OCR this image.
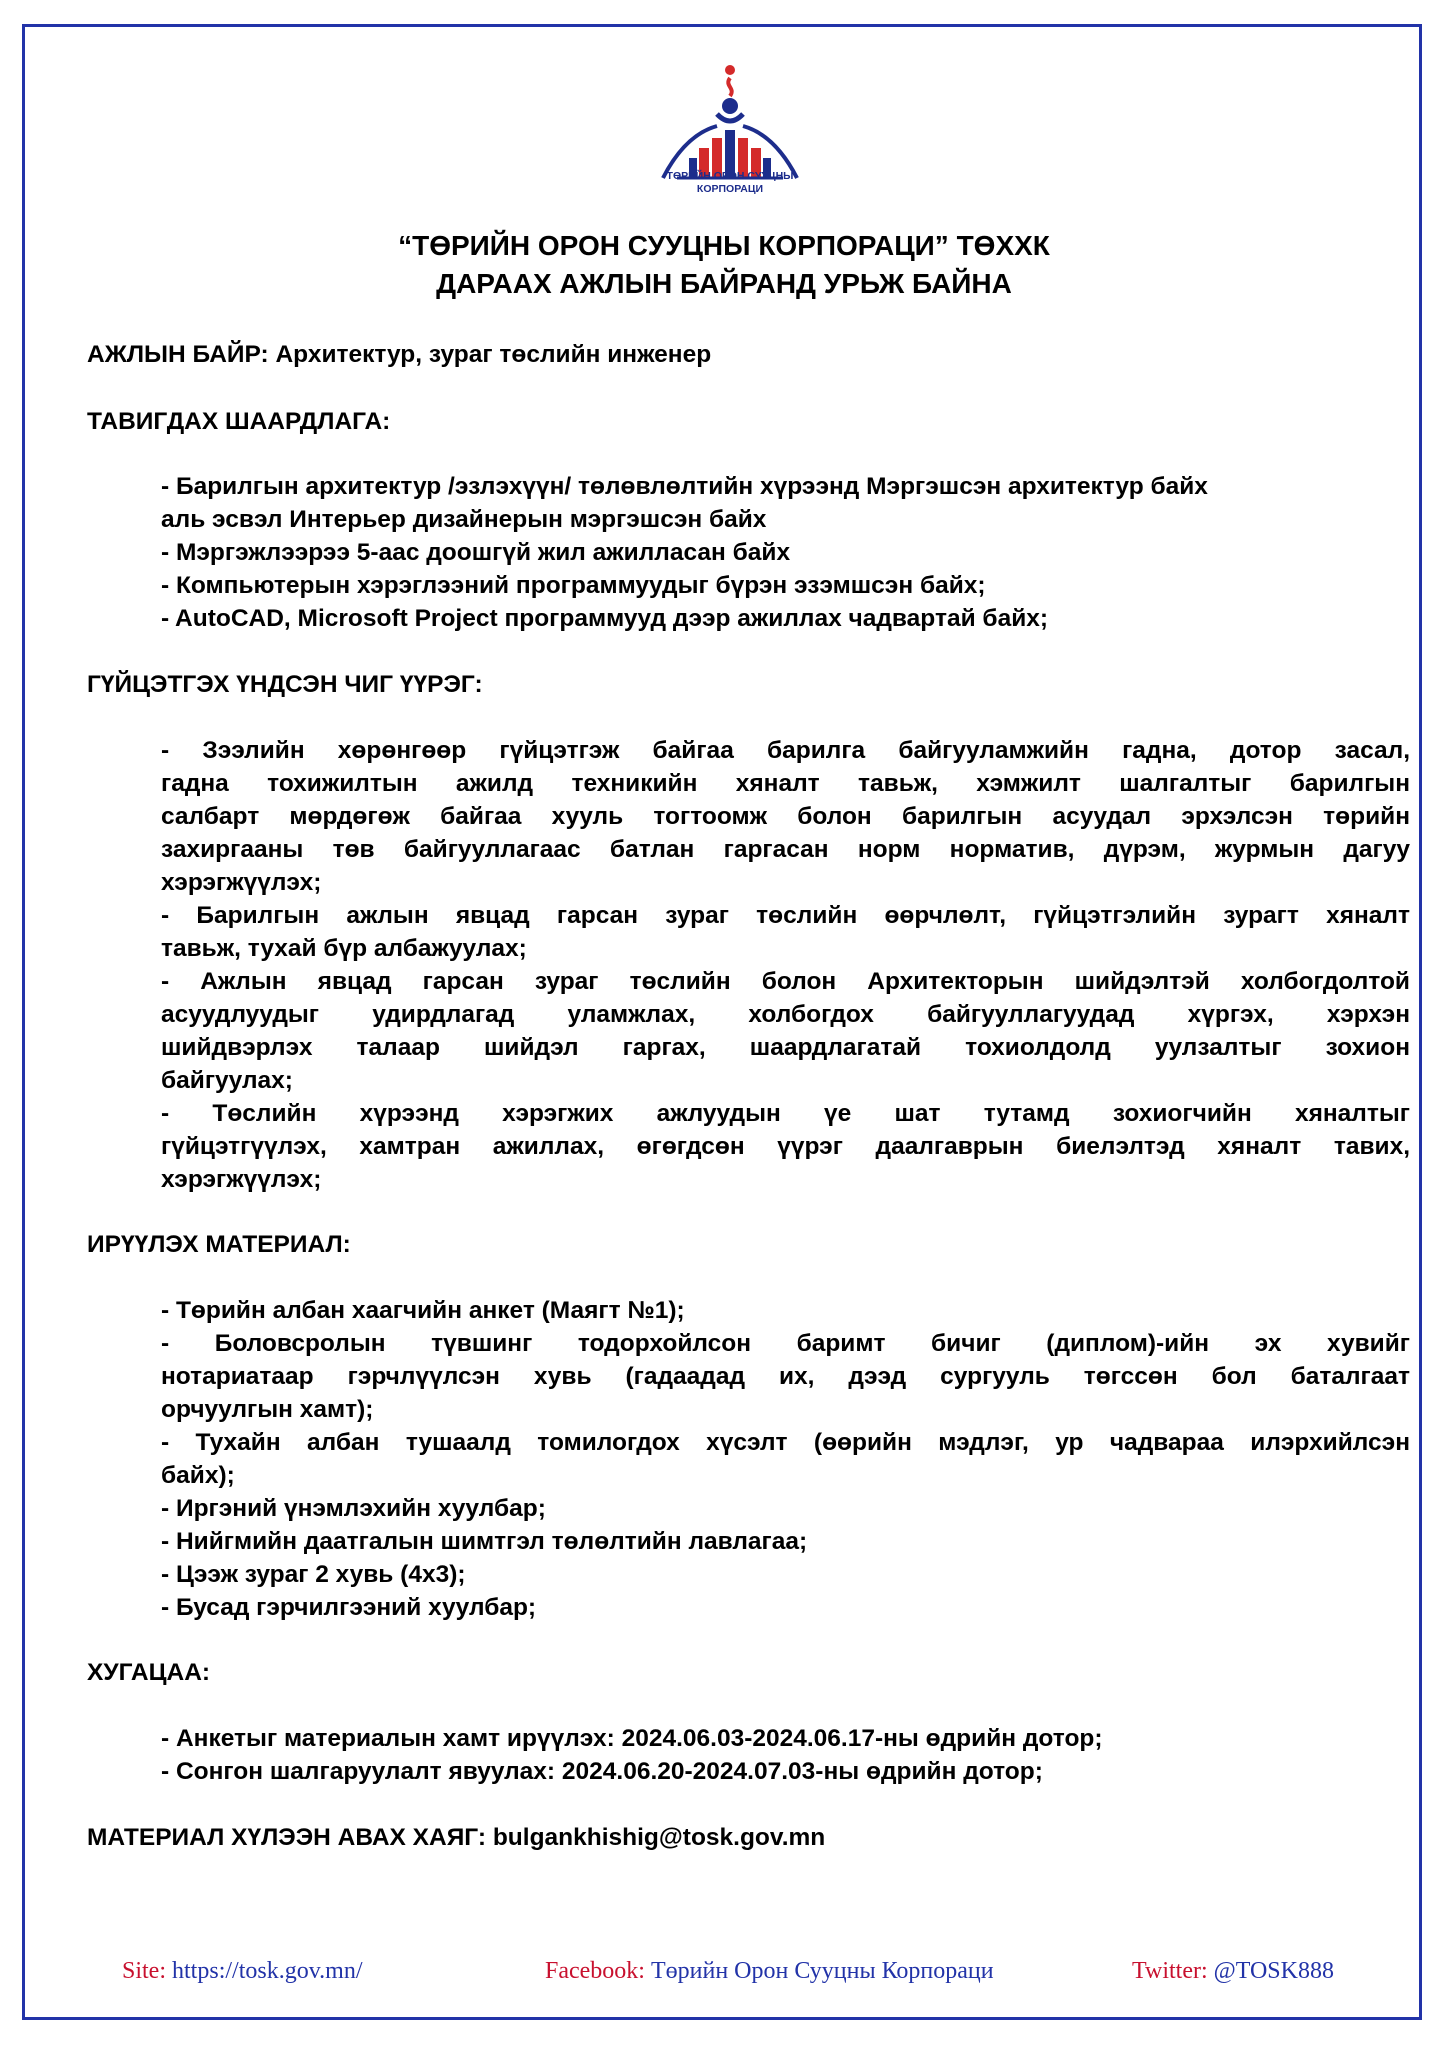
ТӨРИЙН ОРОН СУУЦНЫ
КОРПОРАЦИ
“ТӨРИЙН ОРОН СУУЦНЫ КОРПОРАЦИ” ТӨХХК
ДАРААХ АЖЛЫН БАЙРАНД УРЬЖ БАЙНА
АЖЛЫН БАЙР: Архитектур, зураг төслийн инженер
ТАВИГДАХ ШААРДЛАГА:
- Барилгын архитектур /эзлэхүүн/ төлөвлөлтийн хүрээнд Мэргэшсэн архитектур байх
аль эсвэл Интерьер дизайнерын мэргэшсэн байх
- Мэргэжлээрээ 5-аас доошгүй жил ажилласан байх
- Компьютерын хэрэглээний программуудыг бүрэн эзэмшсэн байх;
- AutoCAD, Microsoft Project программууд дээр ажиллах чадвартай байх;
ГҮЙЦЭТГЭХ ҮНДСЭН ЧИГ ҮҮРЭГ:
- Зээлийн хөрөнгөөр гүйцэтгэж байгаа барилга байгууламжийн гадна, дотор засал,
гадна тохижилтын ажилд техникийн хяналт тавьж, хэмжилт шалгалтыг барилгын
салбарт мөрдөгөж байгаа хууль тогтоомж болон барилгын асуудал эрхэлсэн төрийн
захиргааны төв байгууллагаас батлан гаргасан норм норматив, дүрэм, журмын дагуу
хэрэгжүүлэх;
- Барилгын ажлын явцад гарсан зураг төслийн өөрчлөлт, гүйцэтгэлийн зурагт хяналт
тавьж, тухай бүр албажуулах;
- Ажлын явцад гарсан зураг төслийн болон Архитекторын шийдэлтэй холбогдолтой
асуудлуудыг удирдлагад уламжлах, холбогдох байгууллагуудад хүргэх, хэрхэн
шийдвэрлэх талаар шийдэл гаргах, шаардлагатай тохиолдолд уулзалтыг зохион
байгуулах;
- Төслийн хүрээнд хэрэгжих ажлуудын үе шат тутамд зохиогчийн хяналтыг
гүйцэтгүүлэх, хамтран ажиллах, өгөгдсөн үүрэг даалгаврын биелэлтэд хяналт тавих,
хэрэгжүүлэх;
ИРҮҮЛЭХ МАТЕРИАЛ:
- Төрийн албан хаагчийн анкет (Маягт №1);
- Боловсролын түвшинг тодорхойлсон баримт бичиг (диплом)-ийн эх хувийг
нотариатаар гэрчлүүлсэн хувь (гадаадад их, дээд сургууль төгссөн бол баталгаат
орчуулгын хамт);
- Тухайн албан тушаалд томилогдох хүсэлт (өөрийн мэдлэг, ур чадвараа илэрхийлсэн
байх);
- Иргэний үнэмлэхийн хуулбар;
- Нийгмийн даатгалын шимтгэл төлөлтийн лавлагаа;
- Цээж зураг 2 хувь (4х3);
- Бусад гэрчилгээний хуулбар;
ХУГАЦАА:
- Анкетыг материалын хамт ирүүлэх: 2024.06.03-2024.06.17-ны өдрийн дотор;
- Сонгон шалгаруулалт явуулах: 2024.06.20-2024.07.03-ны өдрийн дотор;
МАТЕРИАЛ ХҮЛЭЭН АВАХ ХАЯГ: bulgankhishig@tosk.gov.mn
Site: https://tosk.gov.mn/	Facebook: Төрийн Орон Сууцны Корпораци	Twitter: @TOSK888
